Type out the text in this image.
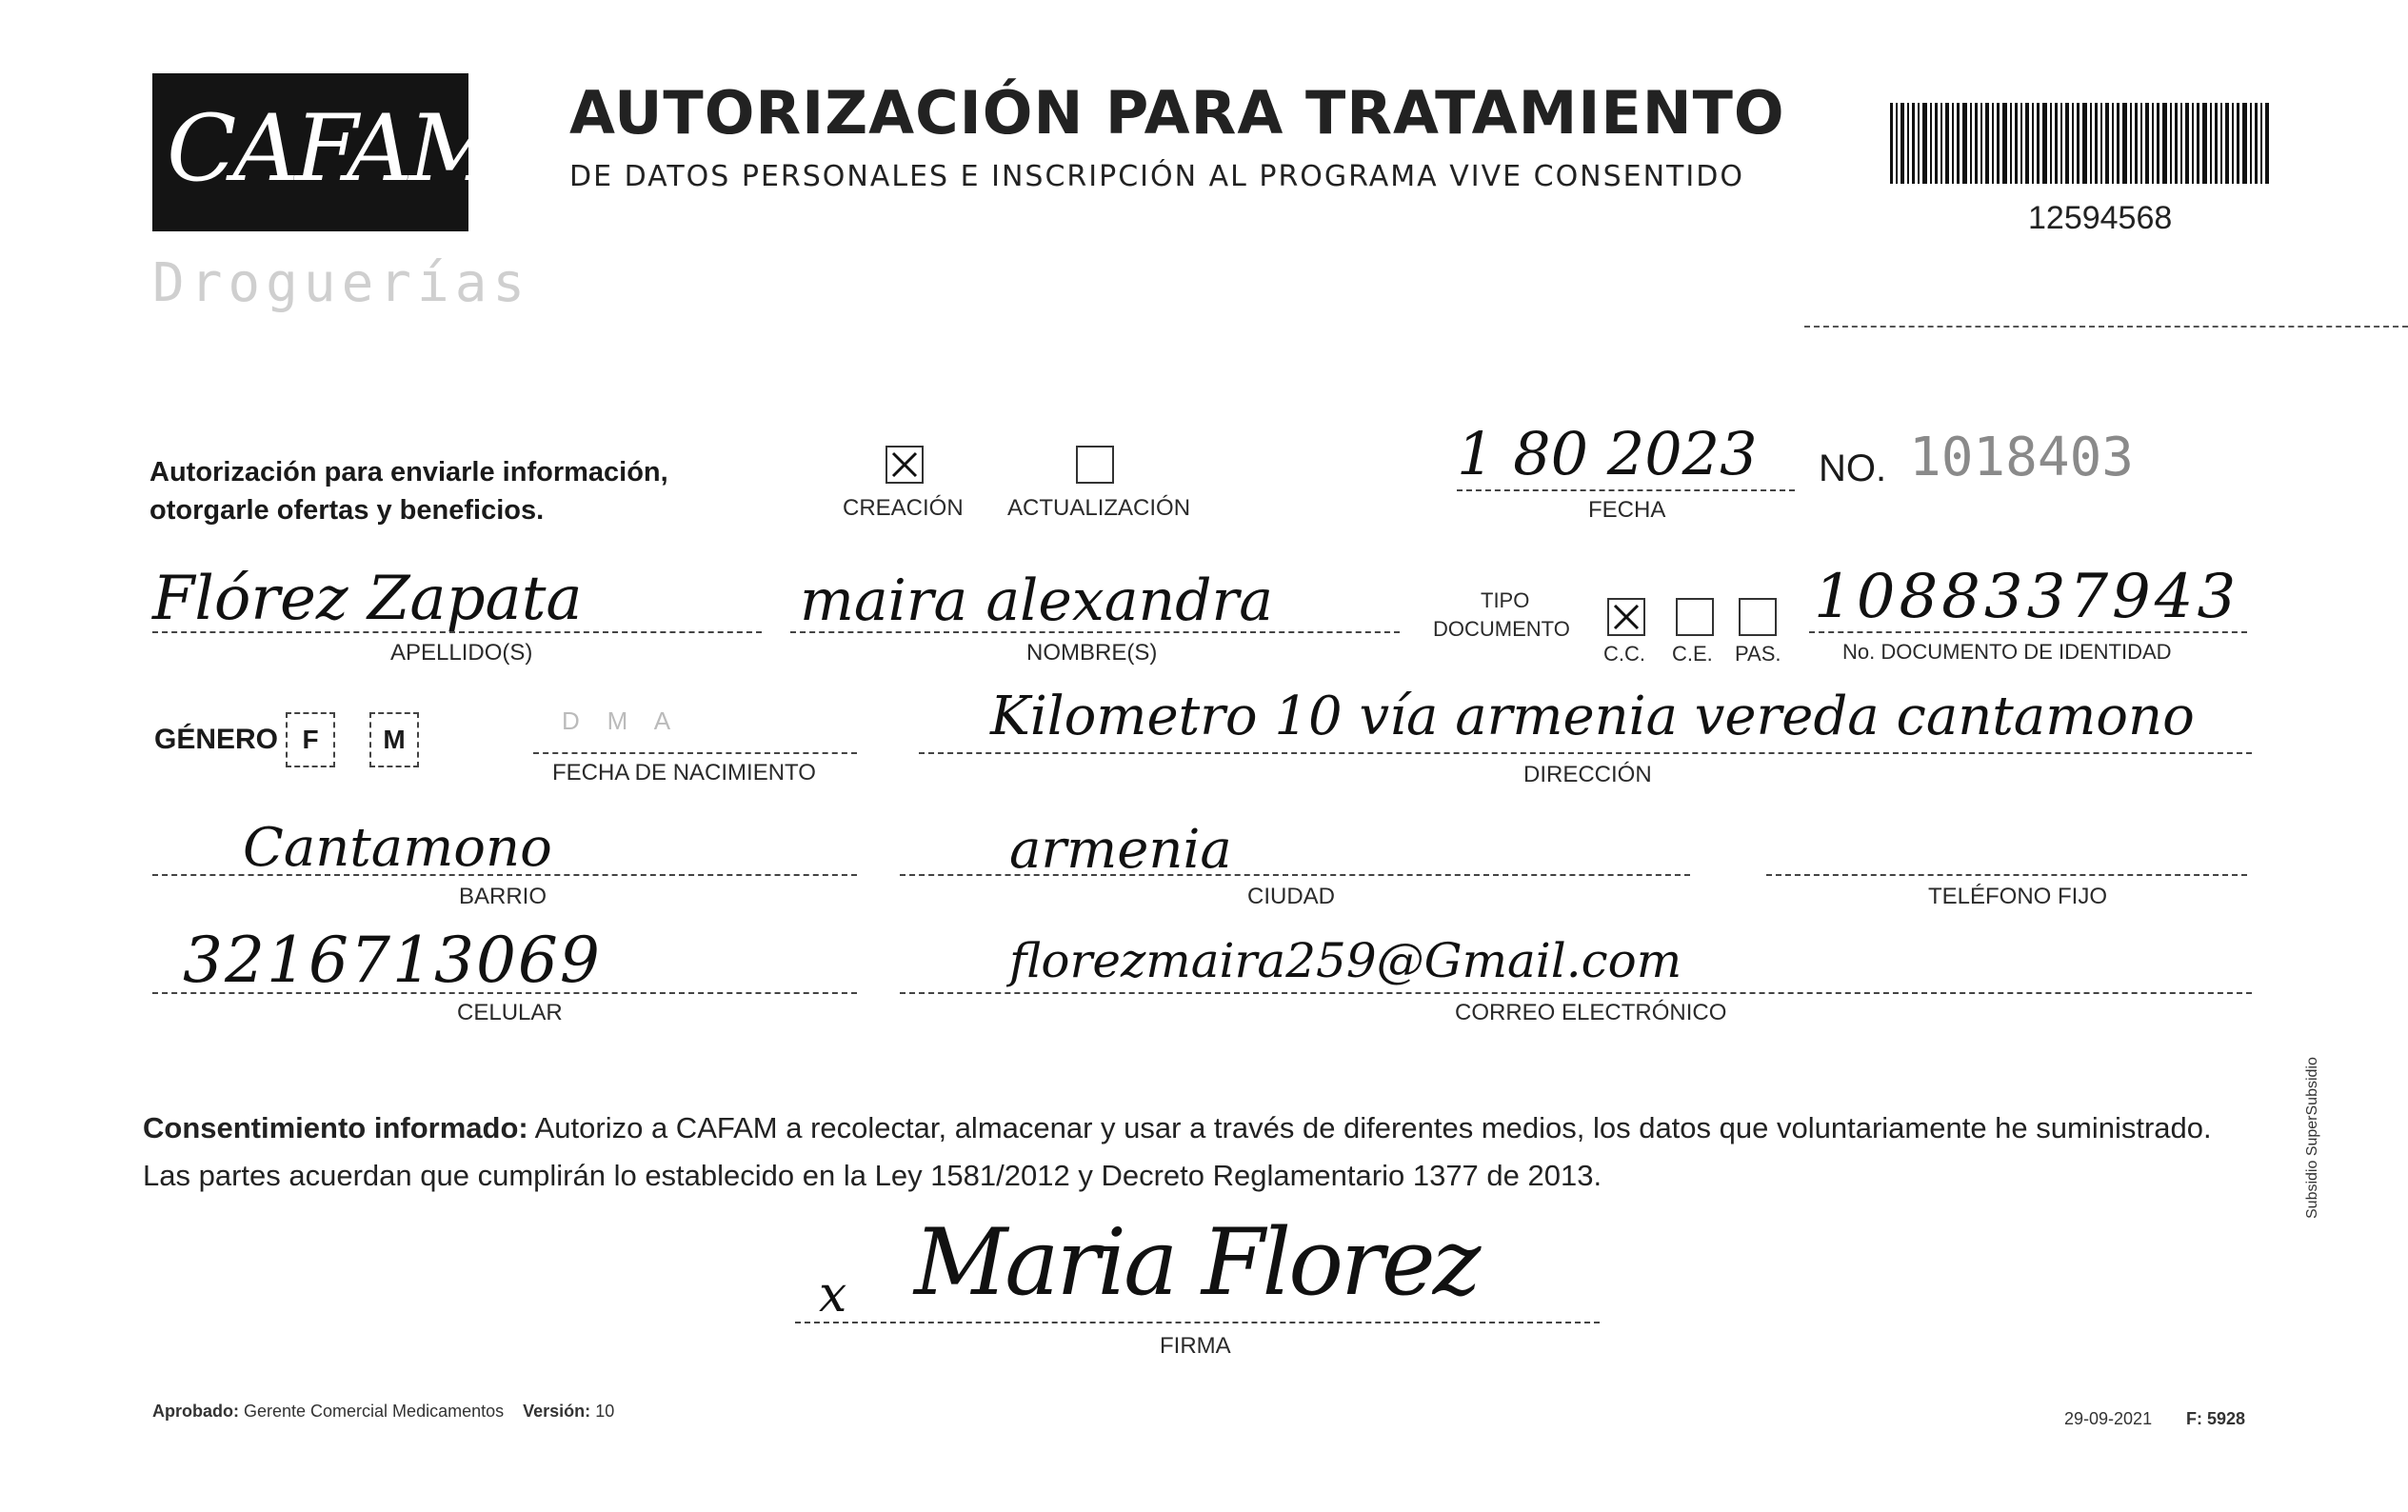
CAFAM
Droguerías
AUTORIZACIÓN PARA TRATAMIENTO
DE DATOS PERSONALES E INSCRIPCIÓN AL PROGRAMA VIVE CONSENTIDO
12594568
Autorización para enviarle información,
otorgarle ofertas y beneficios.	CREACIÓN ACTUALIZACIÓN
1 80 2023
FECHA
NO. 1018403
Flórez Zapata
APELLIDO(S)
maira alexandra
NOMBRE(S)
TIPO
DOCUMENTO
C.C. C.E. PAS.
1088337943
No. DOCUMENTO DE IDENTIDAD
GÉNERO F	M
D    M    A
FECHA DE NACIMIENTO
Kilometro 10 vía armenia vereda cantamono
DIRECCIÓN
Cantamono
BARRIO
armenia
CIUDAD	TELÉFONO FIJO
3216713069
CELULAR
florezmaira259@Gmail.com
CORREO ELECTRÓNICO
Consentimiento informado: Autorizo a CAFAM a recolectar, almacenar y usar a través de diferentes medios, los datos que voluntariamente he suministrado.
Las partes acuerdan que cumplirán lo establecido en la Ley 1581/2012 y Decreto Reglamentario 1377 de 2013.
x Maria Florez
FIRMA
Aprobado: Gerente Comercial Medicamentos Versión: 10	29-09-2021 F: 5928
Subsidio SuperSubsidio
